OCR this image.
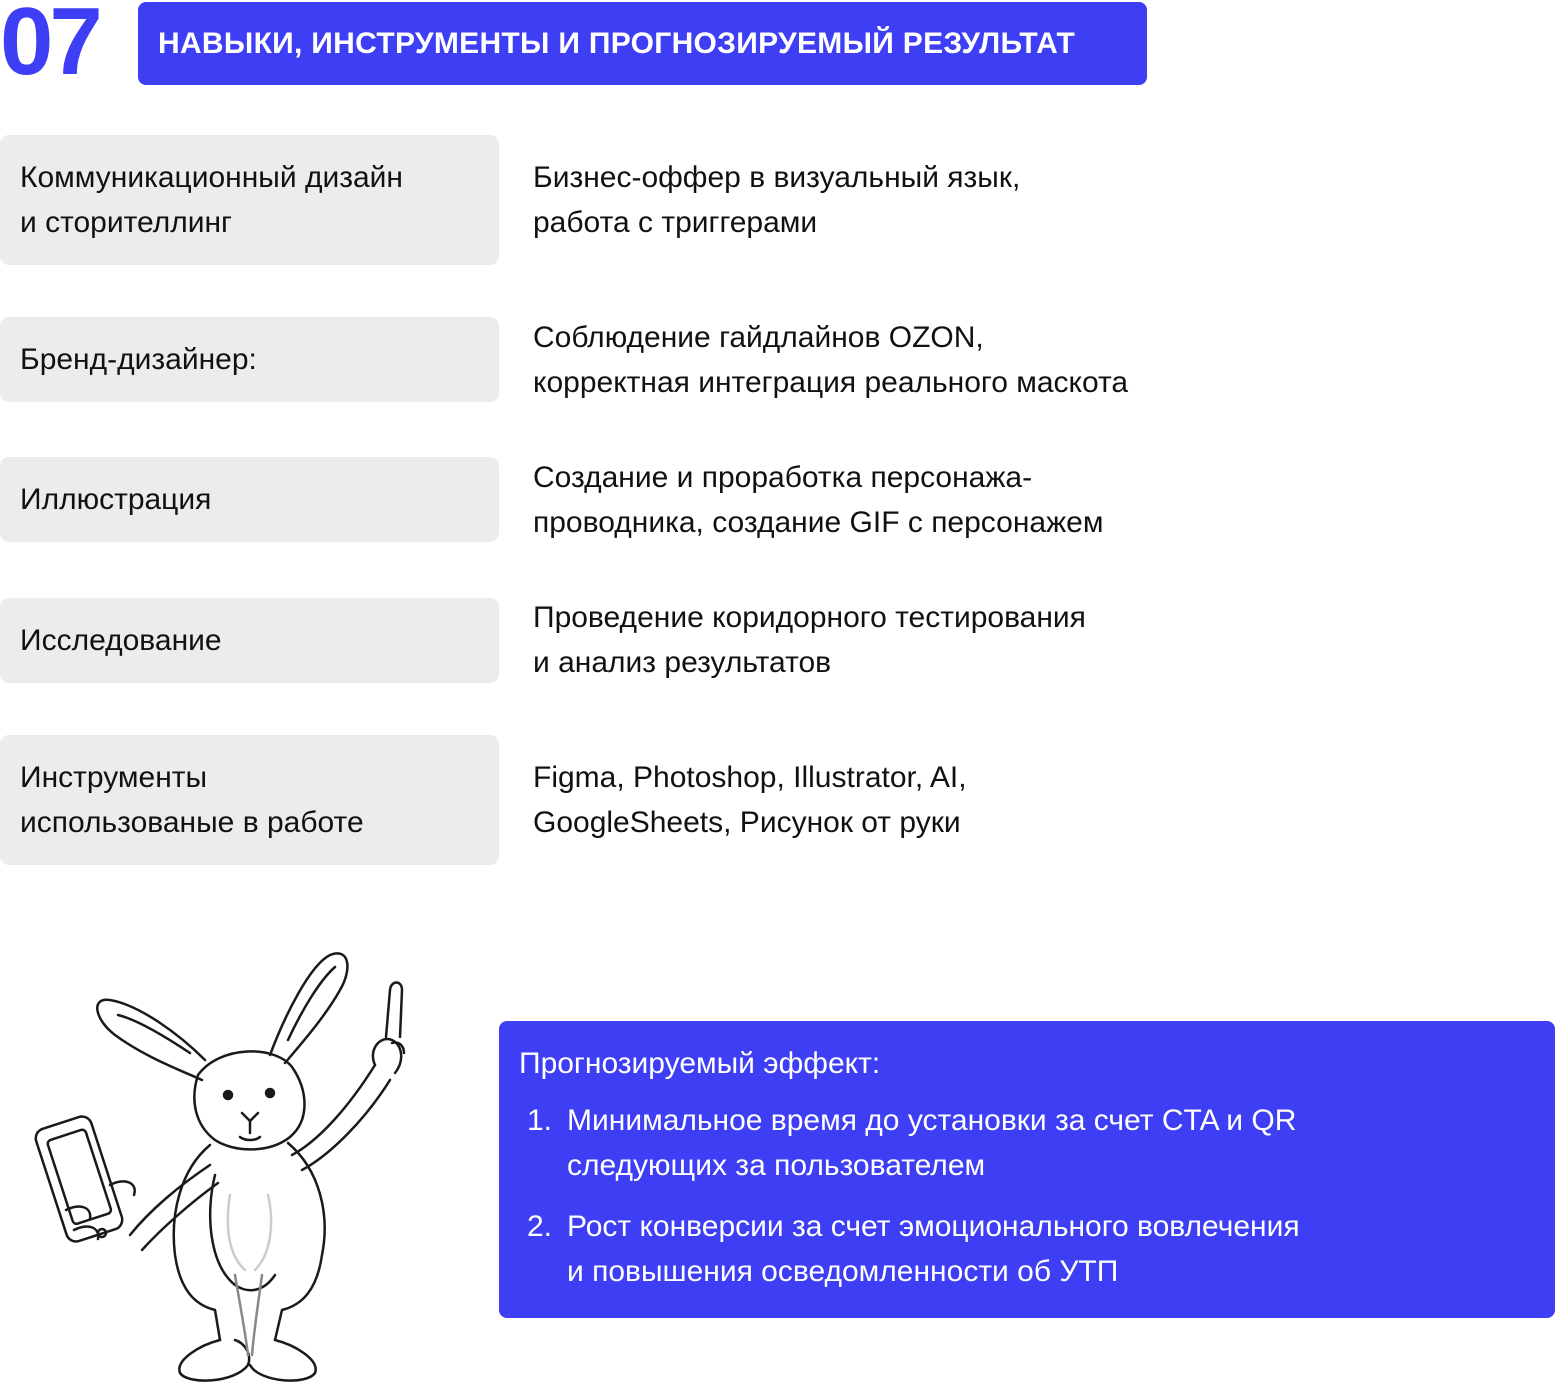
07 НАВЫКИ, ИНСТРУМЕНТЫ И ПРОГНОЗИРУЕМЫЙ РЕЗУЛЬТАТ
Коммуникационный дизайн
и сторителлинг
Бизнес-оффер в визуальный язык,
работа с триггерами
Бренд-дизайнер:
Соблюдение гайдлайнов OZON,
корректная интеграция реального маскота
Иллюстрация
Создание и проработка персонажа-
проводника, создание GIF с персонажем
Исследование
Проведение коридорного тестирования
и анализ результатов
Инструменты
использованые в работе
Figma, Photoshop, Illustrator, AI,
GoogleSheets, Рисунок от руки
Прогнозируемый эффект:
1. Минимальное время до установки за счет CTA и QR
следующих за пользователем
2. Рост конверсии за счет эмоционального вовлечения
и повышения осведомленности об УТП
